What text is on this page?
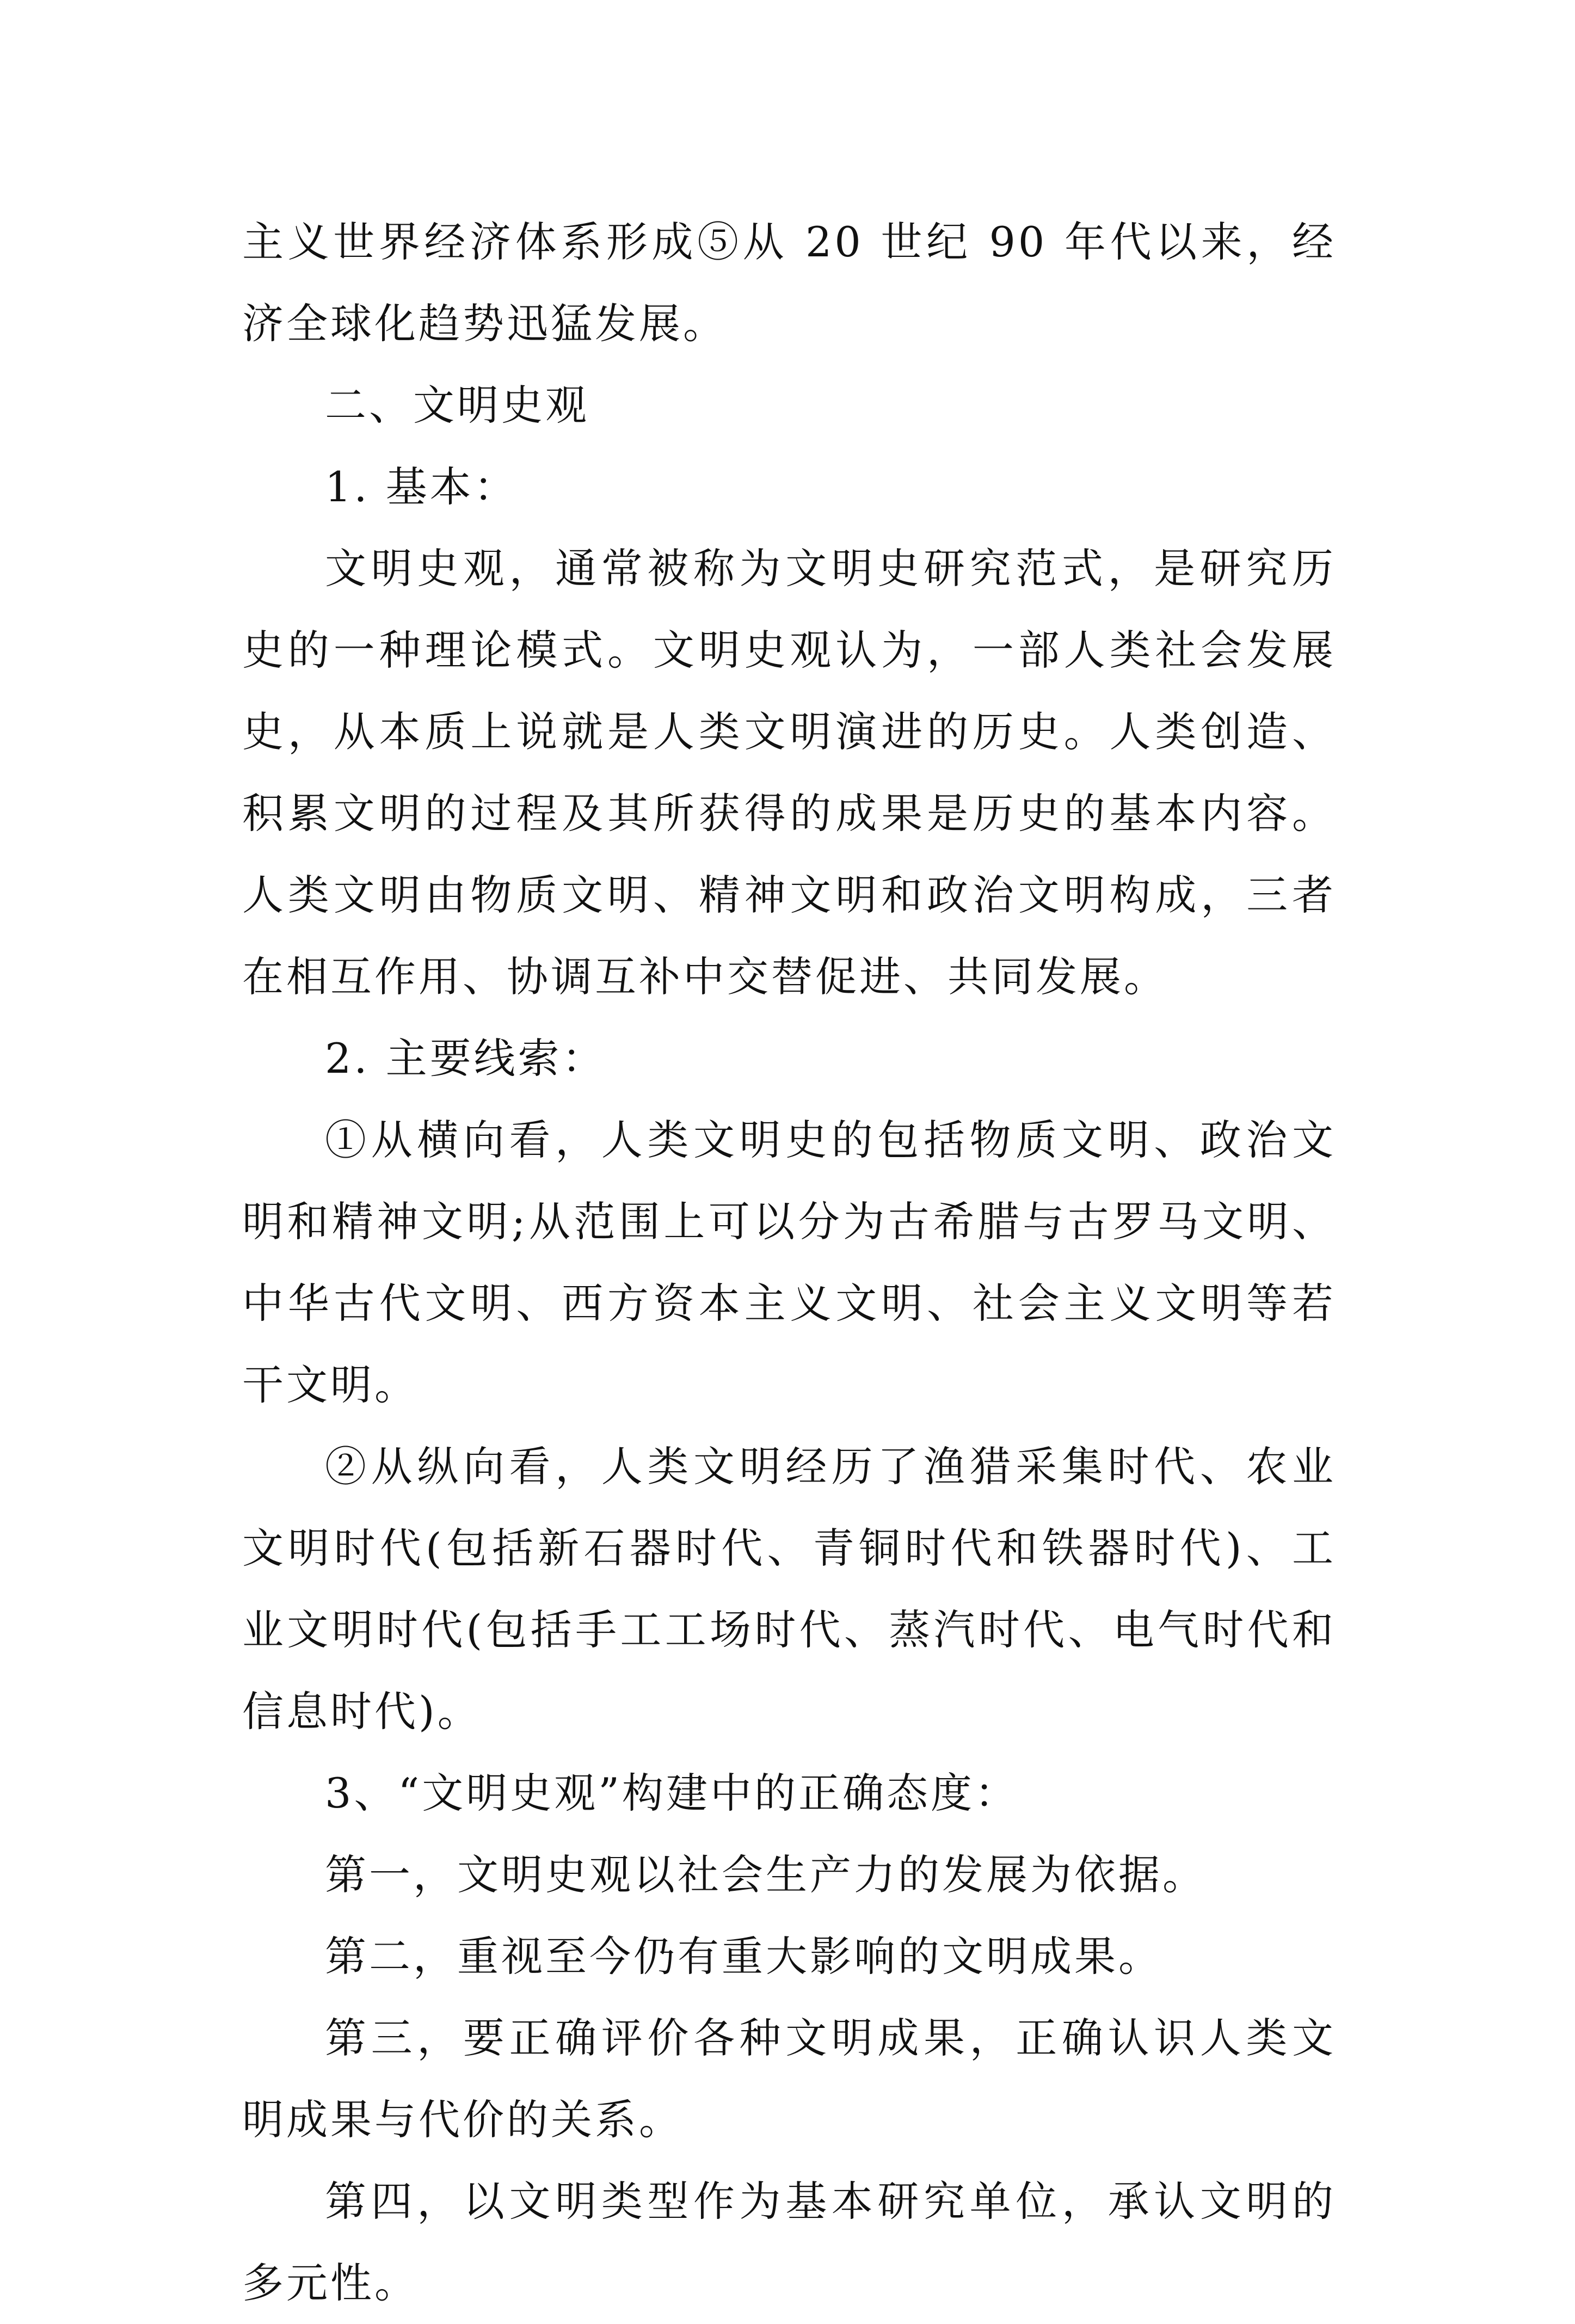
主义世界经济体系形成⑤从 20 世纪 90 年代以来，经济全球化趋势迅猛发展。

二、文明史观

1. 基本：

文明史观，通常被称为文明史研究范式，是研究历史的一种理论模式。文明史观认为，一部人类社会发展史，从本质上说就是人类文明演进的历史。人类创造、积累文明的过程及其所获得的成果是历史的基本内容。人类文明由物质文明、精神文明和政治文明构成，三者在相互作用、协调互补中交替促进、共同发展。

2. 主要线索：

①从横向看，人类文明史的包括物质文明、政治文明和精神文明;从范围上可以分为古希腊与古罗马文明、中华古代文明、西方资本主义文明、社会主义文明等若干文明。

②从纵向看，人类文明经历了渔猎采集时代、农业文明时代(包括新石器时代、青铜时代和铁器时代)、工业文明时代(包括手工工场时代、蒸汽时代、电气时代和信息时代)。

3、“文明史观”构建中的正确态度：

第一，文明史观以社会生产力的发展为依据。

第二，重视至今仍有重大影响的文明成果。

第三，要正确评价各种文明成果，正确认识人类文明成果与代价的关系。

第四，以文明类型作为基本研究单位，承认文明的多元性。
